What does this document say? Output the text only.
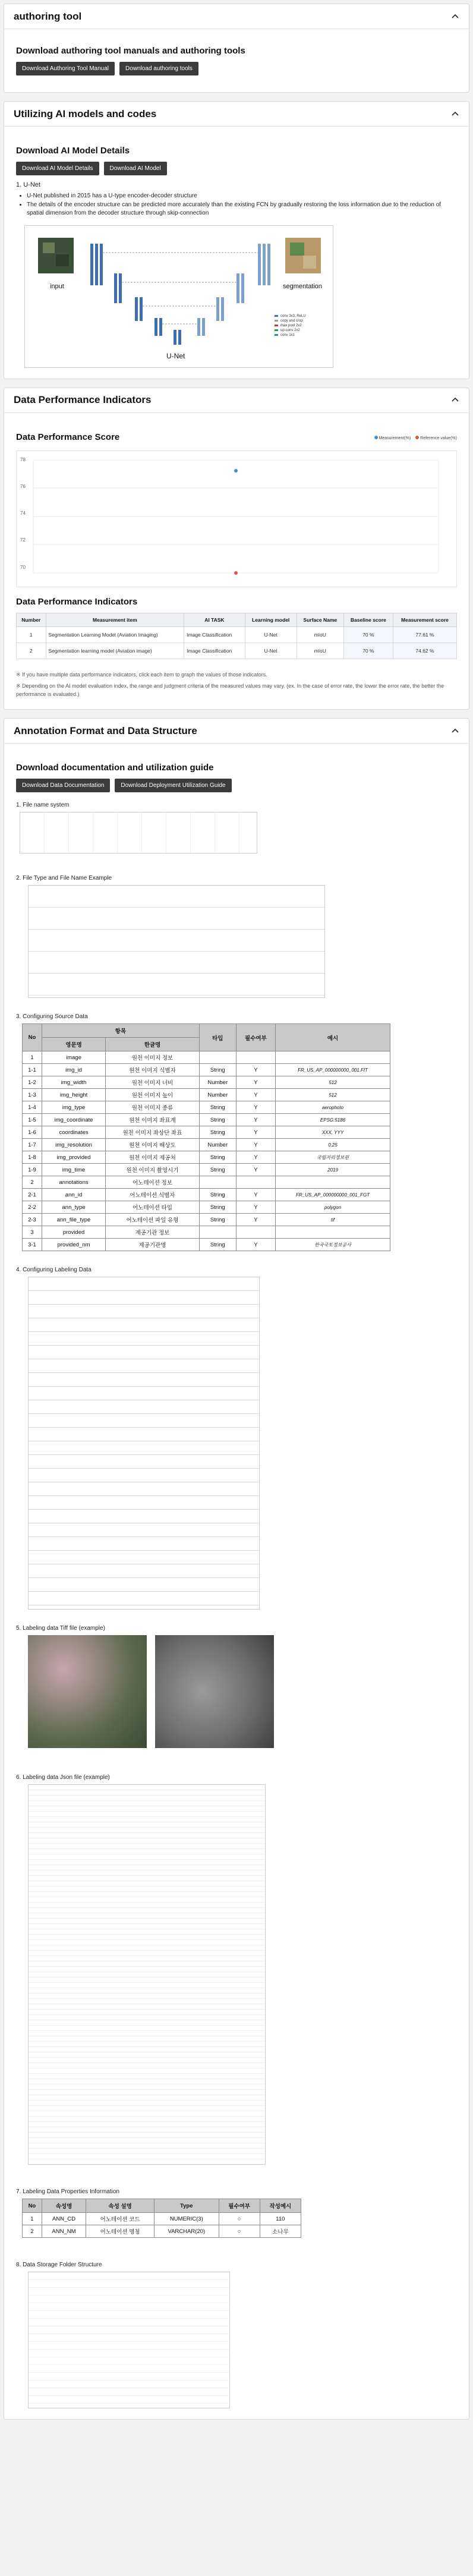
authoring tool
Download authoring tool manuals and authoring tools
Download Authoring Tool Manual	Download authoring tools
Utilizing AI models and codes
Download AI Model Details
Download AI Model Details	Download AI Model
1. U-Net
• U-Net published in 2015 has a U-type encoder-decoder structure
• The details of the encoder structure can be predicted more accurately than the existing FCN by gradually restoring the loss information due to the reduction of spatial dimension from the decoder structure through skip-connection
conv 3x3, ReLU
copy and crop
max pool 2x2
up-conv 2x2
conv 1x1
input	segmentation
U-Net
Data Performance Indicators
Data Performance Score	Measurement(%)	Reference value(%)
78
76
74
72
70
Data Performance Indicators
Number	Measurement item	AI TASK	Learning model	Surface Name	Baseline score	Measurement score
1	Segmentation Learning Model (Aviation Imaging)	Image Classification	U-Net	mIoU	70 %	77.61 %
2	Segmentation learning model (Aviation image)	Image Classification	U-Net	mIoU	70 %	74.62 %

※ If you have multiple data performance indicators, click each item to graph the values of those indicators.

※ Depending on the AI model evaluation index, the range and judgment criteria of the measured values may vary. (ex. In the case of error rate, the lower the error rate, the better the performance is evaluated.)

Annotation Format and Data Structure
Download documentation and utilization guide
Download Data Documentation	Download Deployment Utilization Guide
1. File name system
2. File Type and File Name Example
3. Configuring Source Data
No	항목		타입	필수여부	예시
	영문명	한글명			
1	image	원천 이미지 정보			
1-1	img_id	원천 이미지 식별자	String	Y	FR_US_AP_000000000_001.FIT
1-2	img_width	원천 이미지 너비	Number	Y	512
1-3	img_height	원천 이미지 높이	Number	Y	512
1-4	img_type	원천 이미지 종류	String	Y	aerophoto
1-5	img_coordinate	원천 이미지 좌표계	String	Y	EPSG:5186
1-6	coordinates	원천 이미지 좌상단 좌표	String	Y	XXX, YYY
1-7	img_resolution	원천 이미지 해상도	Number	Y	0.25
1-8	img_provided	원천 이미지 제공처	String	Y	국립지리정보원
1-9	img_time	원천 이미지 촬영시기	String	Y	2019
2	annotations	어노테이션 정보			
2-1	ann_id	어노테이션 식별자	String	Y	FR_US_AP_000000000_001_FGT
2-2	ann_type	어노테이션 타입	String	Y	polygon
2-3	ann_file_type	어노테이션 파일 유형	String	Y	tif
3	provided	제공기관 정보			
3-1	provided_nm	제공기관명	String	Y	한국국토정보공사
4. Configuring Labeling Data
5. Labeling data Tiff file (example)
6. Labeling data Json file (example)
7. Labeling Data Properties Information
No	속성명	속성 설명	Type	필수여부	작성예시
1	ANN_CD	어노테이션 코드	NUMERIC(3)	○	110
2	ANN_NM	어노테이션 명칭	VARCHAR(20)	○	소나무
8. Data Storage Folder Structure
